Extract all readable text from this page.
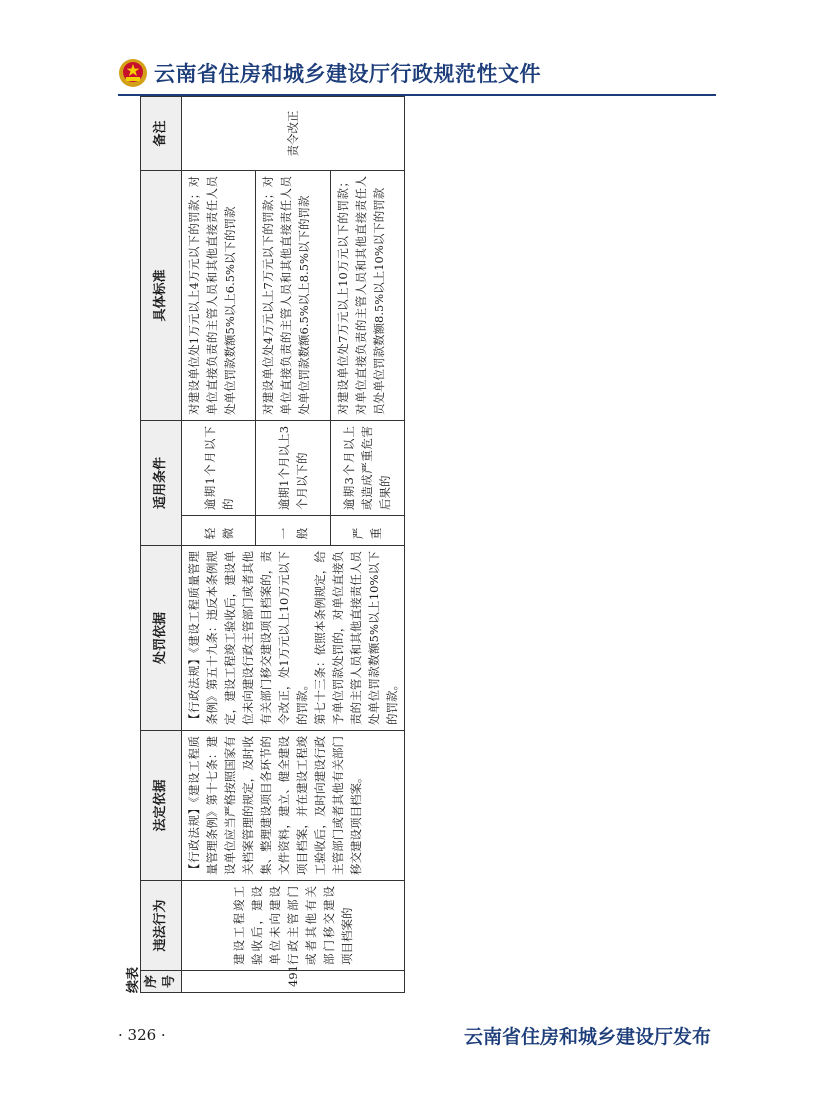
云南省住房和城乡建设厅行政规范性文件
续表 序号	违法行为	法定依据	处罚依据	适用条件		具体标准	备注
491	建设工程竣工验收后，建设单位未向建设行政主管部门或者其他有关部门移交建设项目档案的	【行政法规】《建设工程质量管理条例》第十七条：建设单位应当严格按照国家有关档案管理的规定，及时收集、整理建设项目各环节的文件资料，建立、健全建设项目档案，并在建设工程竣工验收后，及时向建设行政主管部门或者其他有关部门移交建设项目档案。	【行政法规】《建设工程质量管理条例》第五十九条：违反本条例规定，建设工程竣工验收后，建设单位未向建设行政主管部门或者其他有关部门移交建设项目档案的，责令改正，处1万元以上10万元以下的罚款。 第七十三条：依照本条例规定，给予单位罚款处罚的，对单位直接负责的主管人员和其他直接责任人员处单位罚款数额5%以上10%以下的罚款。	轻微	逾期1个月以下的	对建设单位处1万元以上4万元以下的罚款；对单位直接负责的主管人员和其他直接责任人员处单位罚款数额5%以上6.5%以下的罚款	责令改正
				一般	逾期1个月以上3个月以下的	对建设单位处4万元以上7万元以下的罚款；对单位直接负责的主管人员和其他直接责任人员处单位罚款数额6.5%以上8.5%以下的罚款	
				严重	逾期3个月以上或造成严重危害后果的	对建设单位处7万元以上10万元以下的罚款；对单位直接负责的主管人员和其他直接责任人员处单位罚款数额8.5%以上10%以下的罚款	
· 326 ·	云南省住房和城乡建设厅发布
